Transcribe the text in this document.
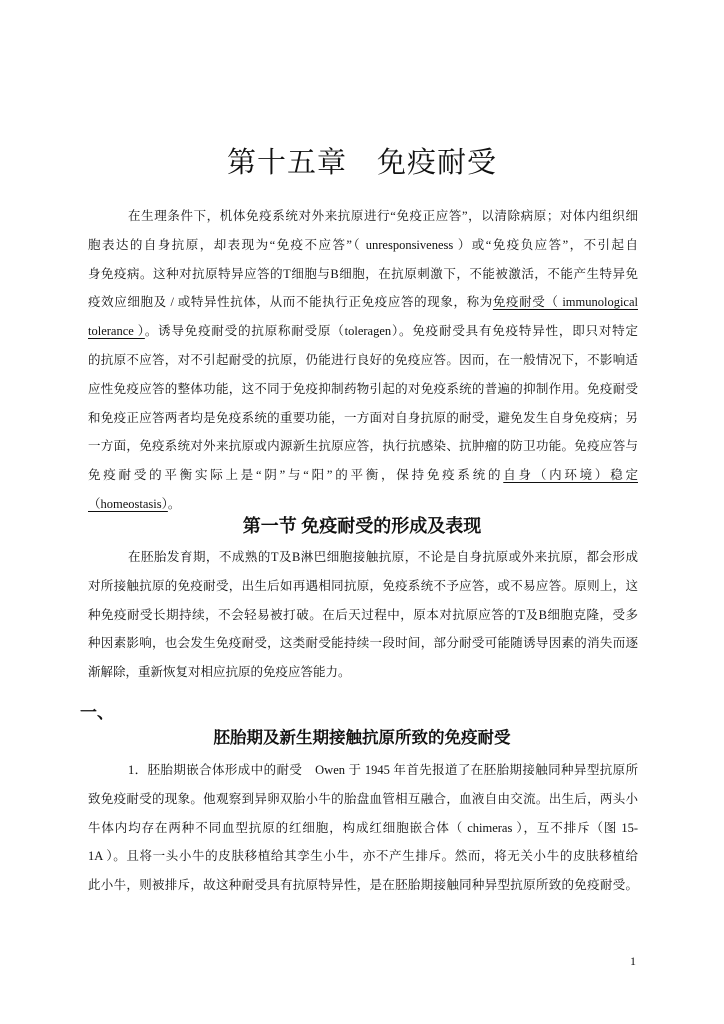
第十五章　免疫耐受
在生理条件下，机体免疫系统对外来抗原进行“免疫正应答”，以清除病原；对体内组织细
胞表达的自身抗原，却表现为“免疫不应答”（ unresponsiveness ）或“免疫负应答”，不引起自
身免疫病。这种对抗原特异应答的T细胞与B细胞，在抗原刺激下，不能被激活，不能产生特异免
疫效应细胞及 / 或特异性抗体，从而不能执行正免疫应答的现象，称为免疫耐受（ immunological
tolerance ）。诱导免疫耐受的抗原称耐受原（toleragen）。免疫耐受具有免疫特异性，即只对特定
的抗原不应答，对不引起耐受的抗原，仍能进行良好的免疫应答。因而，在一般情况下，不影响适
应性免疫应答的整体功能，这不同于免疫抑制药物引起的对免疫系统的普遍的抑制作用。免疫耐受
和免疫正应答两者均是免疫系统的重要功能，一方面对自身抗原的耐受，避免发生自身免疫病；另
一方面，免疫系统对外来抗原或内源新生抗原应答，执行抗感染、抗肿瘤的防卫功能。免疫应答与
免疫耐受的平衡实际上是“阴”与“阳”的平衡，保持免疫系统的自身（内环境）稳定
（homeostasis）。
第一节 免疫耐受的形成及表现
在胚胎发育期，不成熟的T及B淋巴细胞接触抗原，不论是自身抗原或外来抗原，都会形成
对所接触抗原的免疫耐受，出生后如再遇相同抗原，免疫系统不予应答，或不易应答。原则上，这
种免疫耐受长期持续，不会轻易被打破。在后天过程中，原本对抗原应答的T及B细胞克隆，受多
种因素影响，也会发生免疫耐受，这类耐受能持续一段时间，部分耐受可能随诱导因素的消失而逐
渐解除，重新恢复对相应抗原的免疫应答能力。
一、
胚胎期及新生期接触抗原所致的免疫耐受
1．胚胎期嵌合体形成中的耐受　Owen 于 1945 年首先报道了在胚胎期接触同种异型抗原所
致免疫耐受的现象。他观察到异卵双胎小牛的胎盘血管相互融合，血液自由交流。出生后，两头小
牛体内均存在两种不同血型抗原的红细胞，构成红细胞嵌合体（ chimeras ），互不排斥（图 15-
1A ）。且将一头小牛的皮肤移植给其孪生小牛，亦不产生排斥。然而，将无关小牛的皮肤移植给
此小牛，则被排斥，故这种耐受具有抗原特异性，是在胚胎期接触同种异型抗原所致的免疫耐受。
1
